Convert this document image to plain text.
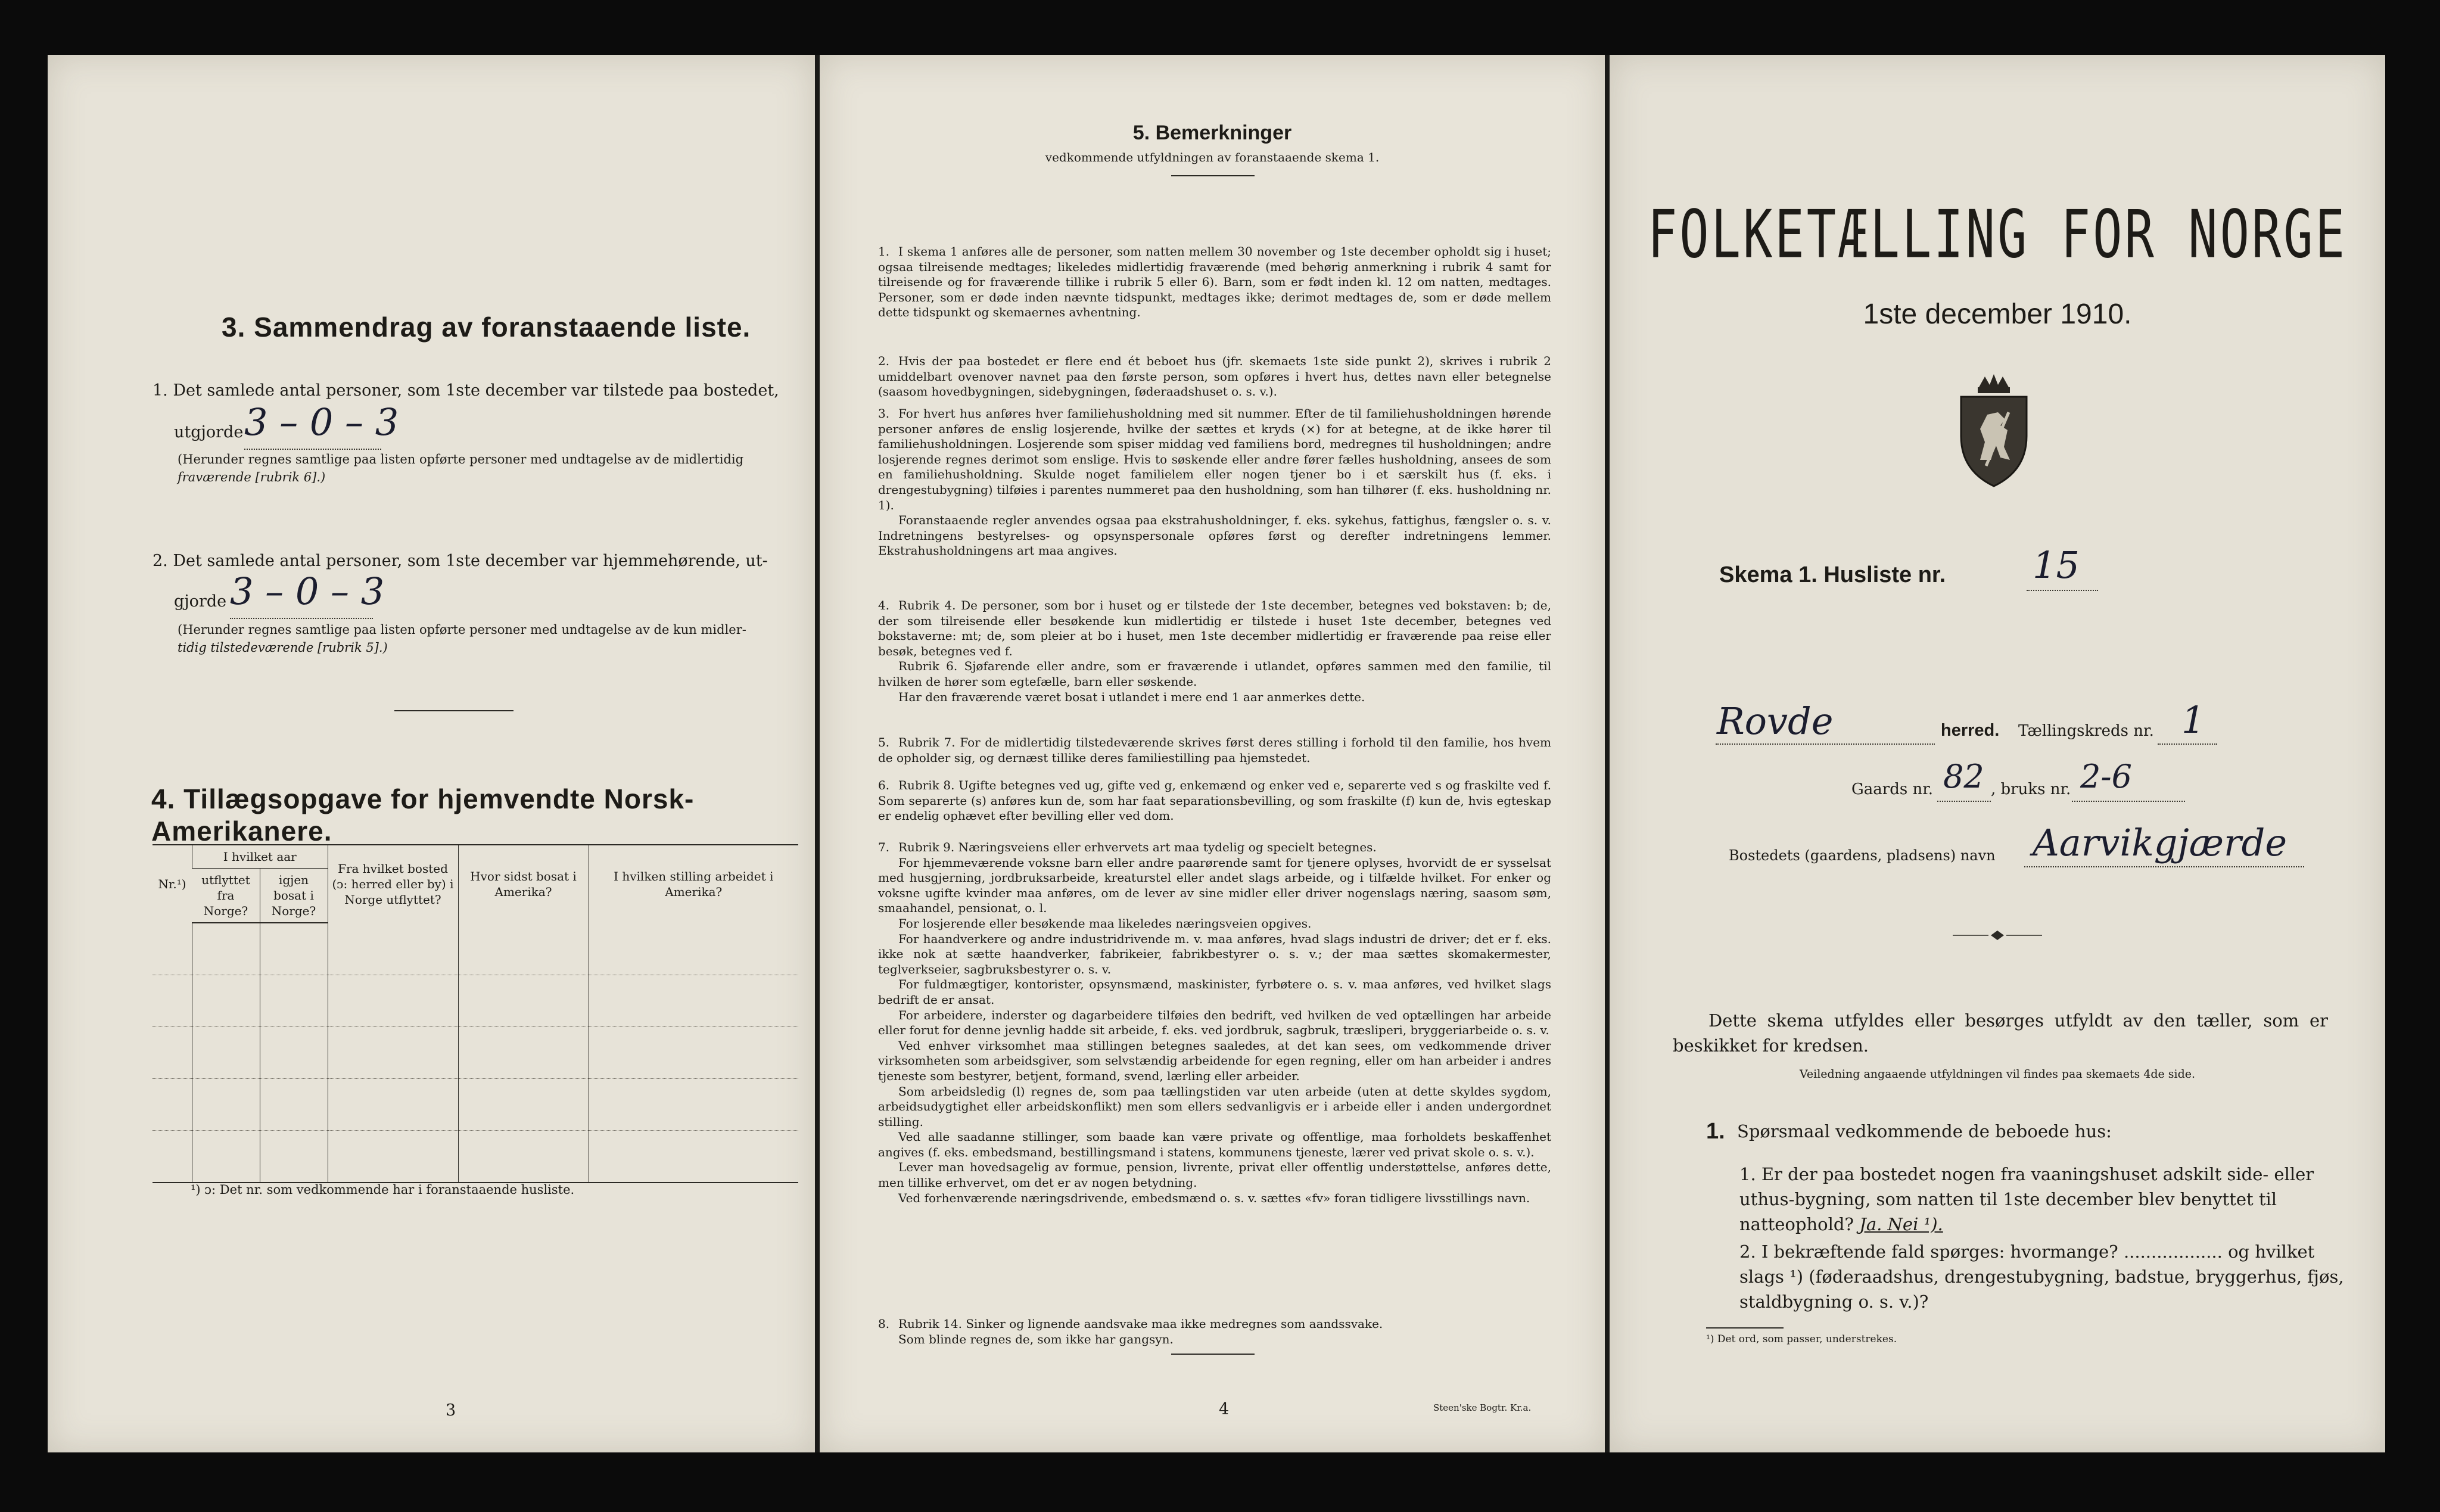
3. Sammendrag av foranstaaende liste.
1. Det samlede antal personer, som 1ste december var tilstede paa bostedet,
utgjorde 3 – 0 – 3
(Herunder regnes samtlige paa listen opførte personer med undtagelse av de midlertidig
fraværende [rubrik 6].)
2. Det samlede antal personer, som 1ste december var hjemmehørende, ut-
gjorde 3 – 0 – 3
(Herunder regnes samtlige paa listen opførte personer med undtagelse av de kun midler-
tidig tilstedeværende [rubrik 5].)
4. Tillægsopgave for hjemvendte Norsk-Amerikanere.
Nr.¹)	I hvilket aar		Fra hvilket bosted (ᴐ: herred eller by) i Norge utflyttet?	Hvor sidst bosat i Amerika?	I hvilken stilling arbeidet i Amerika?
	utflyttet fra Norge?	igjen bosat i Norge?			

¹) ᴐ: Det nr. som vedkommende har i foranstaaende husliste.
3
5. Bemerkninger
vedkommende utfyldningen av foranstaaende skema 1.

1. I skema 1 anføres alle de personer, som natten mellem 30 november og 1ste december opholdt sig i huset; ogsaa tilreisende medtages; likeledes midlertidig fraværende (med behørig anmerkning i rubrik 4 samt for tilreisende og for fraværende tillike i rubrik 5 eller 6). Barn, som er født inden kl. 12 om natten, medtages. Personer, som er døde inden nævnte tidspunkt, medtages ikke; derimot medtages de, som er døde mellem dette tidspunkt og skemaernes avhentning.

2. Hvis der paa bostedet er flere end ét beboet hus (jfr. skemaets 1ste side punkt 2), skrives i rubrik 2 umiddelbart ovenover navnet paa den første person, som opføres i hvert hus, dettes navn eller betegnelse (saasom hovedbygningen, sidebygningen, føderaadshuset o. s. v.).

3. For hvert hus anføres hver familiehusholdning med sit nummer. Efter de til familiehusholdningen hørende personer anføres de enslig losjerende, hvilke der sættes et kryds (×) for at betegne, at de ikke hører til familiehusholdningen. Losjerende som spiser middag ved familiens bord, medregnes til husholdningen; andre losjerende regnes derimot som enslige. Hvis to søskende eller andre fører fælles husholdning, ansees de som en familiehusholdning. Skulde noget familielem eller nogen tjener bo i et særskilt hus (f. eks. i drengestubygning) tilføies i parentes nummeret paa den husholdning, som han tilhører (f. eks. husholdning nr. 1).

Foranstaaende regler anvendes ogsaa paa ekstrahusholdninger, f. eks. sykehus, fattighus, fængsler o. s. v. Indretningens bestyrelses- og opsynspersonale opføres først og derefter indretningens lemmer. Ekstrahusholdningens art maa angives.

4. Rubrik 4. De personer, som bor i huset og er tilstede der 1ste december, betegnes ved bokstaven: b; de, der som tilreisende eller besøkende kun midlertidig er tilstede i huset 1ste december, betegnes ved bokstaverne: mt; de, som pleier at bo i huset, men 1ste december midlertidig er fraværende paa reise eller besøk, betegnes ved f.

Rubrik 6. Sjøfarende eller andre, som er fraværende i utlandet, opføres sammen med den familie, til hvilken de hører som egtefælle, barn eller søskende.

Har den fraværende været bosat i utlandet i mere end 1 aar anmerkes dette.

5. Rubrik 7. For de midlertidig tilstedeværende skrives først deres stilling i forhold til den familie, hos hvem de opholder sig, og dernæst tillike deres familiestilling paa hjemstedet.

6. Rubrik 8. Ugifte betegnes ved ug, gifte ved g, enkemænd og enker ved e, separerte ved s og fraskilte ved f. Som separerte (s) anføres kun de, som har faat separationsbevilling, og som fraskilte (f) kun de, hvis egteskap er endelig ophævet efter bevilling eller ved dom.

7. Rubrik 9. Næringsveiens eller erhvervets art maa tydelig og specielt betegnes.

For hjemmeværende voksne barn eller andre paarørende samt for tjenere oplyses, hvorvidt de er sysselsat med husgjerning, jordbruksarbeide, kreaturstel eller andet slags arbeide, og i tilfælde hvilket. For enker og voksne ugifte kvinder maa anføres, om de lever av sine midler eller driver nogenslags næring, saasom søm, smaahandel, pensionat, o. l.

For losjerende eller besøkende maa likeledes næringsveien opgives.

For haandverkere og andre industridrivende m. v. maa anføres, hvad slags industri de driver; det er f. eks. ikke nok at sætte haandverker, fabrikeier, fabrikbestyrer o. s. v.; der maa sættes skomakermester, teglverkseier, sagbruksbestyrer o. s. v.

For fuldmægtiger, kontorister, opsynsmænd, maskinister, fyrbøtere o. s. v. maa anføres, ved hvilket slags bedrift de er ansat.

For arbeidere, inderster og dagarbeidere tilføies den bedrift, ved hvilken de ved optællingen har arbeide eller forut for denne jevnlig hadde sit arbeide, f. eks. ved jordbruk, sagbruk, træsliperi, bryggeriarbeide o. s. v.

Ved enhver virksomhet maa stillingen betegnes saaledes, at det kan sees, om vedkommende driver virksomheten som arbeidsgiver, som selvstændig arbeidende for egen regning, eller om han arbeider i andres tjeneste som bestyrer, betjent, formand, svend, lærling eller arbeider.

Som arbeidsledig (l) regnes de, som paa tællingstiden var uten arbeide (uten at dette skyldes sygdom, arbeidsudygtighet eller arbeidskonflikt) men som ellers sedvanligvis er i arbeide eller i anden undergordnet stilling.

Ved alle saadanne stillinger, som baade kan være private og offentlige, maa forholdets beskaffenhet angives (f. eks. embedsmand, bestillingsmand i statens, kommunens tjeneste, lærer ved privat skole o. s. v.).

Lever man hovedsagelig av formue, pension, livrente, privat eller offentlig understøttelse, anføres dette, men tillike erhvervet, om det er av nogen betydning.

Ved forhenværende næringsdrivende, embedsmænd o. s. v. sættes «fv» foran tidligere livsstillings navn.

8. Rubrik 14. Sinker og lignende aandsvake maa ikke medregnes som aandssvake.

Som blinde regnes de, som ikke har gangsyn.

4	Steen'ske Bogtr. Kr.a.
FOLKETÆLLING FOR NORGE
1ste december 1910.
Skema 1. Husliste nr. 15
Rovde	herred. Tællingskreds nr. 1
Gaards nr. 82 , bruks nr. 2-6
Bostedets (gaardens, pladsens) navn Aarvikgjærde
Dette skema utfyldes eller besørges utfyldt av den tæller, som er beskikket for kredsen.
Veiledning angaaende utfyldningen vil findes paa skemaets 4de side.
1. Spørsmaal vedkommende de beboede hus:
1. Er der paa bostedet nogen fra vaaningshuset adskilt side- eller uthus-bygning, som natten til 1ste december blev benyttet til natteophold? Ja. Nei ¹).
2. I bekræftende fald spørges: hvormange? .................. og hvilket slags ¹) (føderaadshus, drengestubygning, badstue, bryggerhus, fjøs, staldbygning o. s. v.)?
¹) Det ord, som passer, understrekes.
